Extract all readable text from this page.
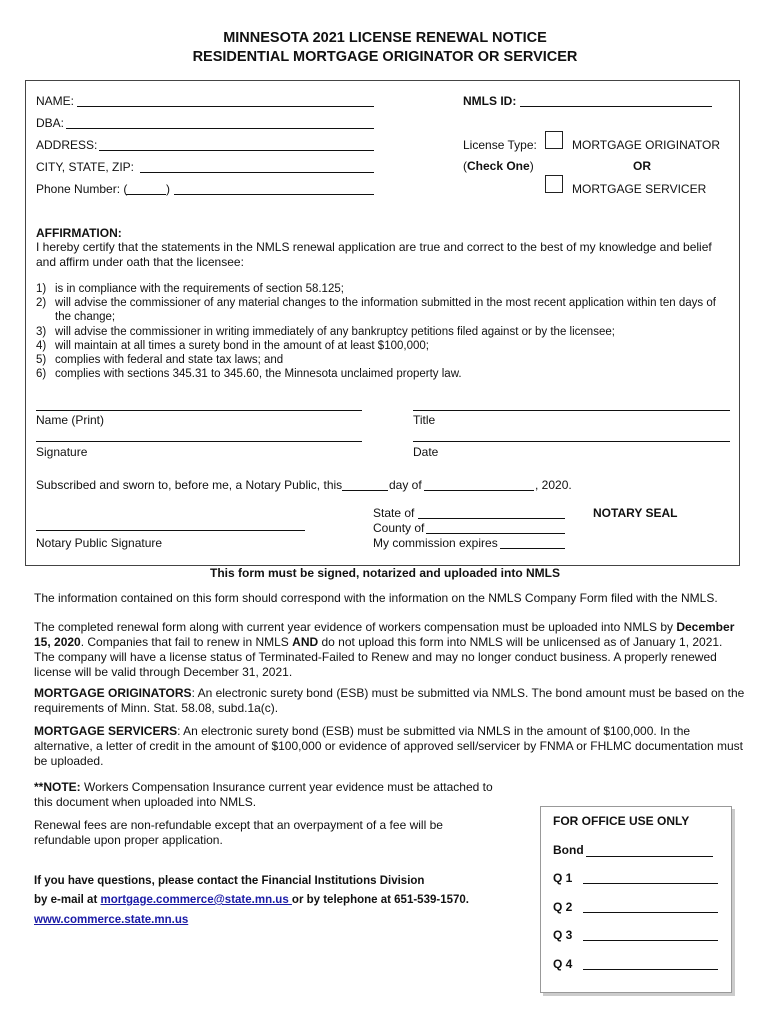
MINNESOTA 2021 LICENSE RENEWAL NOTICE
RESIDENTIAL MORTGAGE ORIGINATOR OR SERVICER
NAME:
DBA:
ADDRESS:
CITY, STATE, ZIP:
Phone Number: (	)
NMLS ID:
License Type:	MORTGAGE ORIGINATOR
(Check One)	OR
MORTGAGE SERVICER
AFFIRMATION:
I hereby certify that the statements in the NMLS renewal application are true and correct to the best of my knowledge and belief and affirm under oath that the licensee:
1) is in compliance with the requirements of section 58.125;
2) will advise the commissioner of any material changes to the information submitted in the most recent application within ten days of the change;
3) will advise the commissioner in writing immediately of any bankruptcy petitions filed against or by the licensee;
4) will maintain at all times a surety bond in the amount of at least $100,000;
5) complies with federal and state tax laws; and
6) complies with sections 345.31 to 345.60, the Minnesota unclaimed property law.
Name (Print)	Title
Signature	Date
Subscribed and sworn to, before me, a Notary Public, this	day of	, 2020.
State of
County of
My commission expires
NOTARY SEAL
Notary Public Signature
This form must be signed, notarized and uploaded into NMLS
The information contained on this form should correspond with the information on the NMLS Company Form filed with the NMLS.
The completed renewal form along with current year evidence of workers compensation must be uploaded into NMLS by December 15, 2020. Companies that fail to renew in NMLS AND do not upload this form into NMLS will be unlicensed as of January 1, 2021.
The company will have a license status of Terminated-Failed to Renew and may no longer conduct business. A properly renewed license will be valid through December 31, 2021.
MORTGAGE ORIGINATORS: An electronic surety bond (ESB) must be submitted via NMLS. The bond amount must be based on the requirements of Minn. Stat. 58.08, subd.1a(c).
MORTGAGE SERVICERS: An electronic surety bond (ESB) must be submitted via NMLS in the amount of $100,000. In the alternative, a letter of credit in the amount of $100,000 or evidence of approved sell/servicer by FNMA or FHLMC documentation must be uploaded.
**NOTE: Workers Compensation Insurance current year evidence must be attached to this document when uploaded into NMLS.
Renewal fees are non-refundable except that an overpayment of a fee will be refundable upon proper application.
If you have questions, please contact the Financial Institutions Division
by e-mail at mortgage.commerce@state.mn.us or by telephone at 651-539-1570.
www.commerce.state.mn.us
FOR OFFICE USE ONLY
Bond
Q 1
Q 2
Q 3
Q 4
